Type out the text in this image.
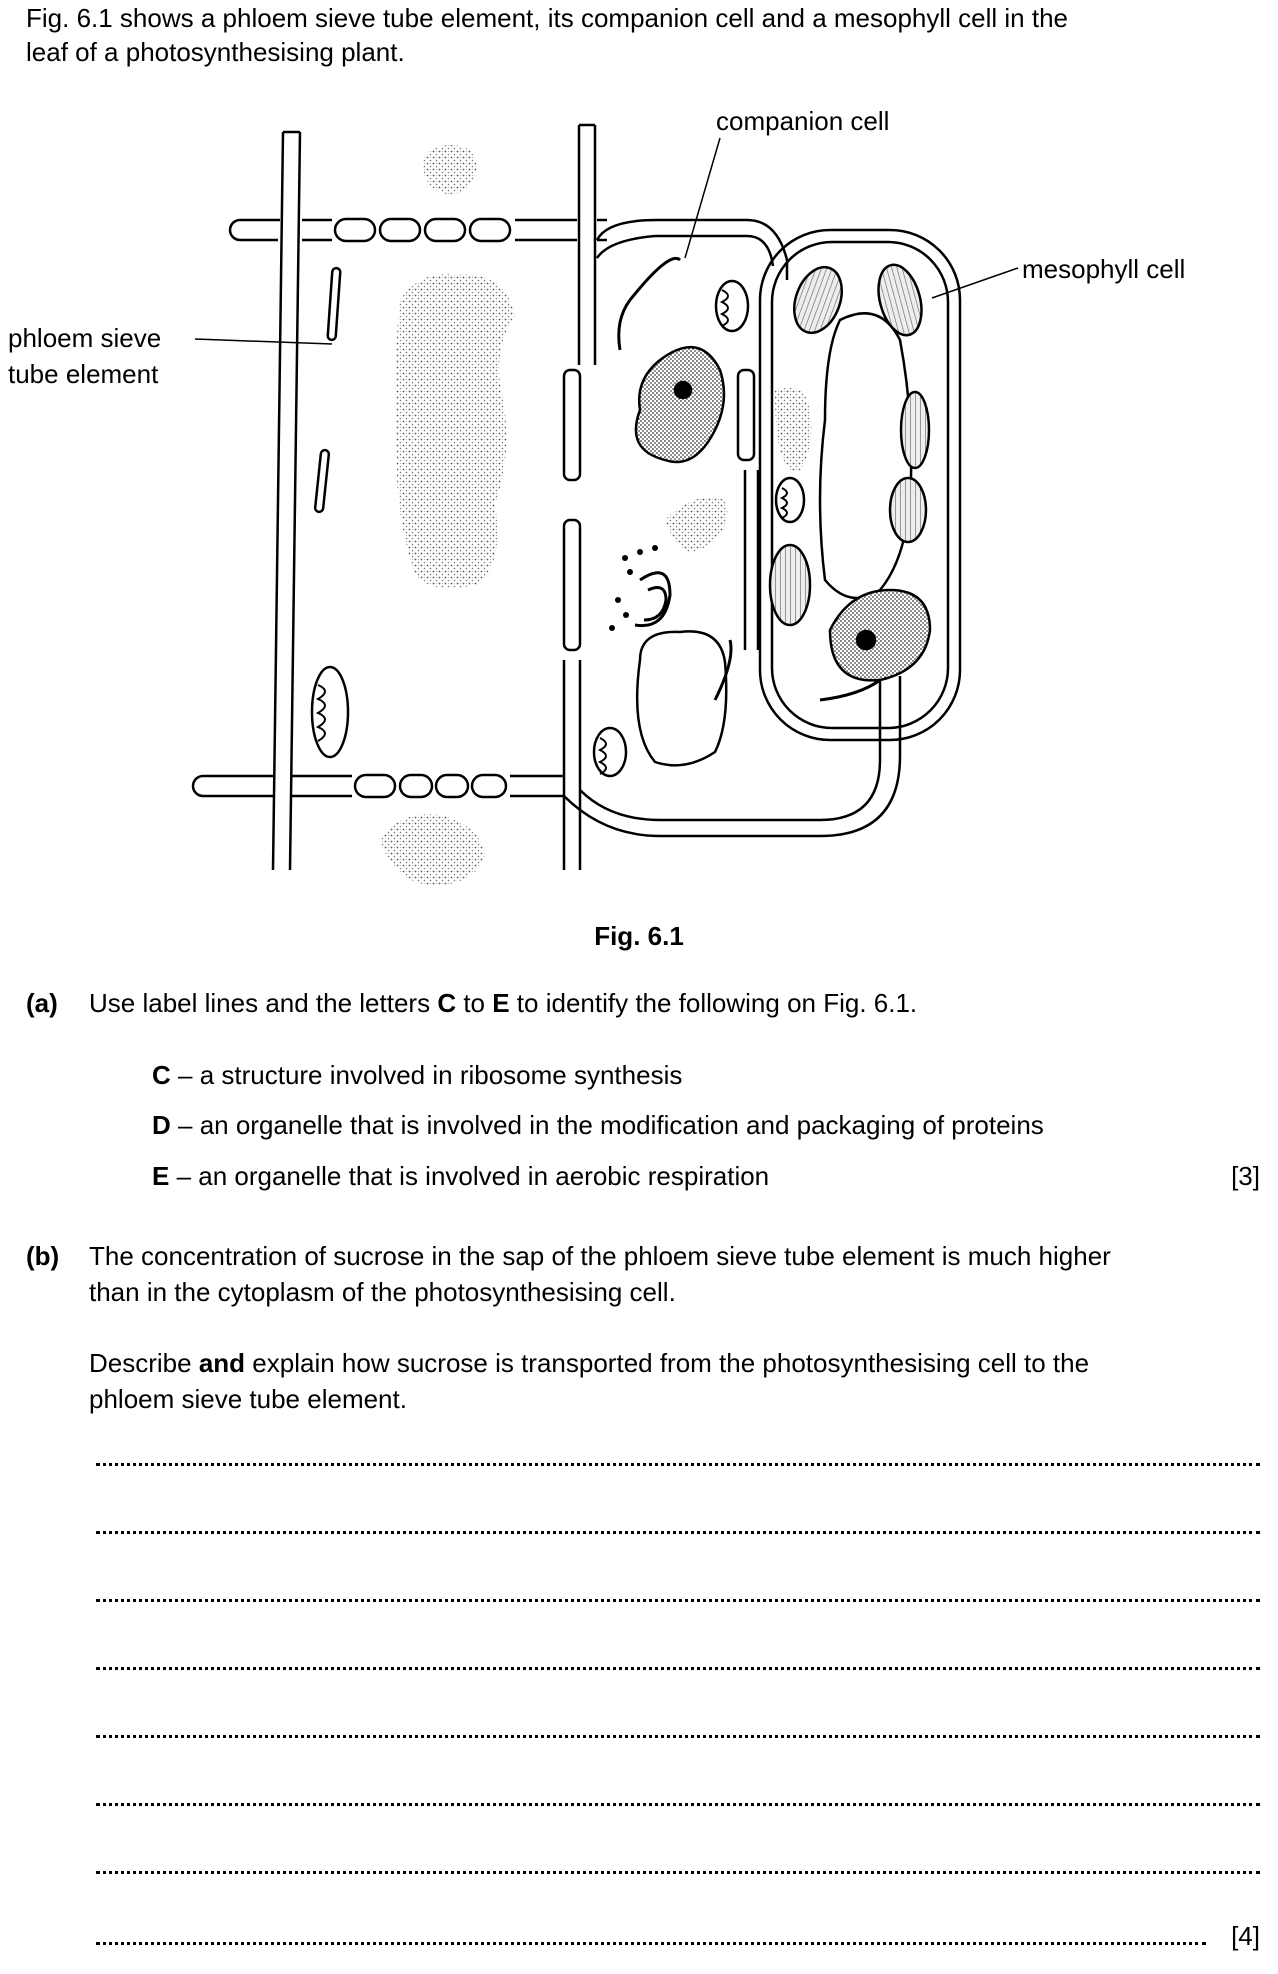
Fig. 6.1 shows a phloem sieve tube element, its companion cell and a mesophyll cell in the

leaf of a photosynthesising plant.

companion cell
mesophyll cell
phloem sieve
tube element
Fig. 6.1
(a) Use label lines and the letters C to E to identify the following on Fig. 6.1.
C – a structure involved in ribosome synthesis
D – an organelle that is involved in the modification and packaging of proteins
E – an organelle that is involved in aerobic respiration	[3]
(b) The concentration of sucrose in the sap of the phloem sieve tube element is much higher

than in the cytoplasm of the photosynthesising cell.

Describe and explain how sucrose is transported from the photosynthesising cell to the

phloem sieve tube element.

[4]
